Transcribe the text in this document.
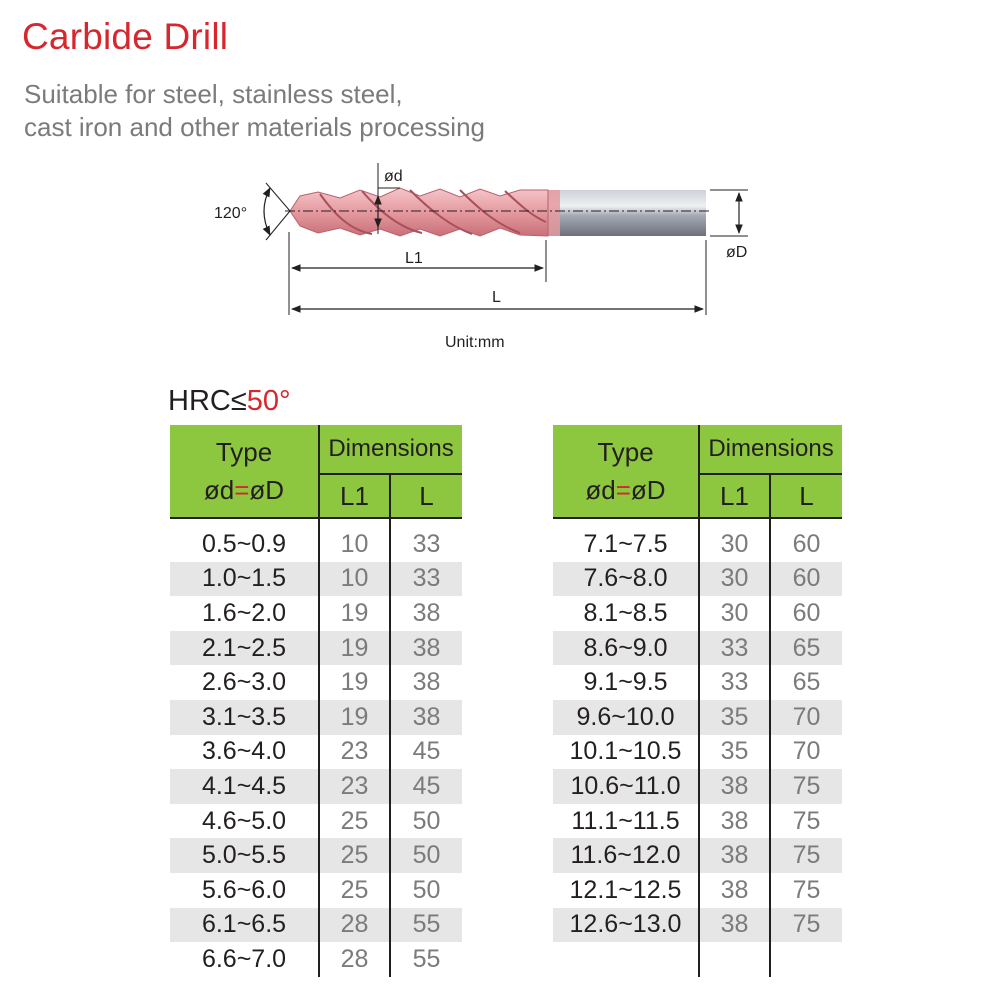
Carbide Drill
Suitable for steel, stainless steel,
cast iron and other materials processing
120°
ød
øD
L1
L
Unit:mm
HRC≤50°
Type
ød=øD	Dimensions	
	L1	L
0.5~0.9	10	33
1.0~1.5	10	33
1.6~2.0	19	38
2.1~2.5	19	38
2.6~3.0	19	38
3.1~3.5	19	38
3.6~4.0	23	45
4.1~4.5	23	45
4.6~5.0	25	50
5.0~5.5	25	50
5.6~6.0	25	50
6.1~6.5	28	55
6.6~7.0	28	55
Type
ød=øD	Dimensions	
	L1	L
7.1~7.5	30	60
7.6~8.0	30	60
8.1~8.5	30	60
8.6~9.0	33	65
9.1~9.5	33	65
9.6~10.0	35	70
10.1~10.5	35	70
10.6~11.0	38	75
11.1~11.5	38	75
11.6~12.0	38	75
12.1~12.5	38	75
12.6~13.0	38	75
